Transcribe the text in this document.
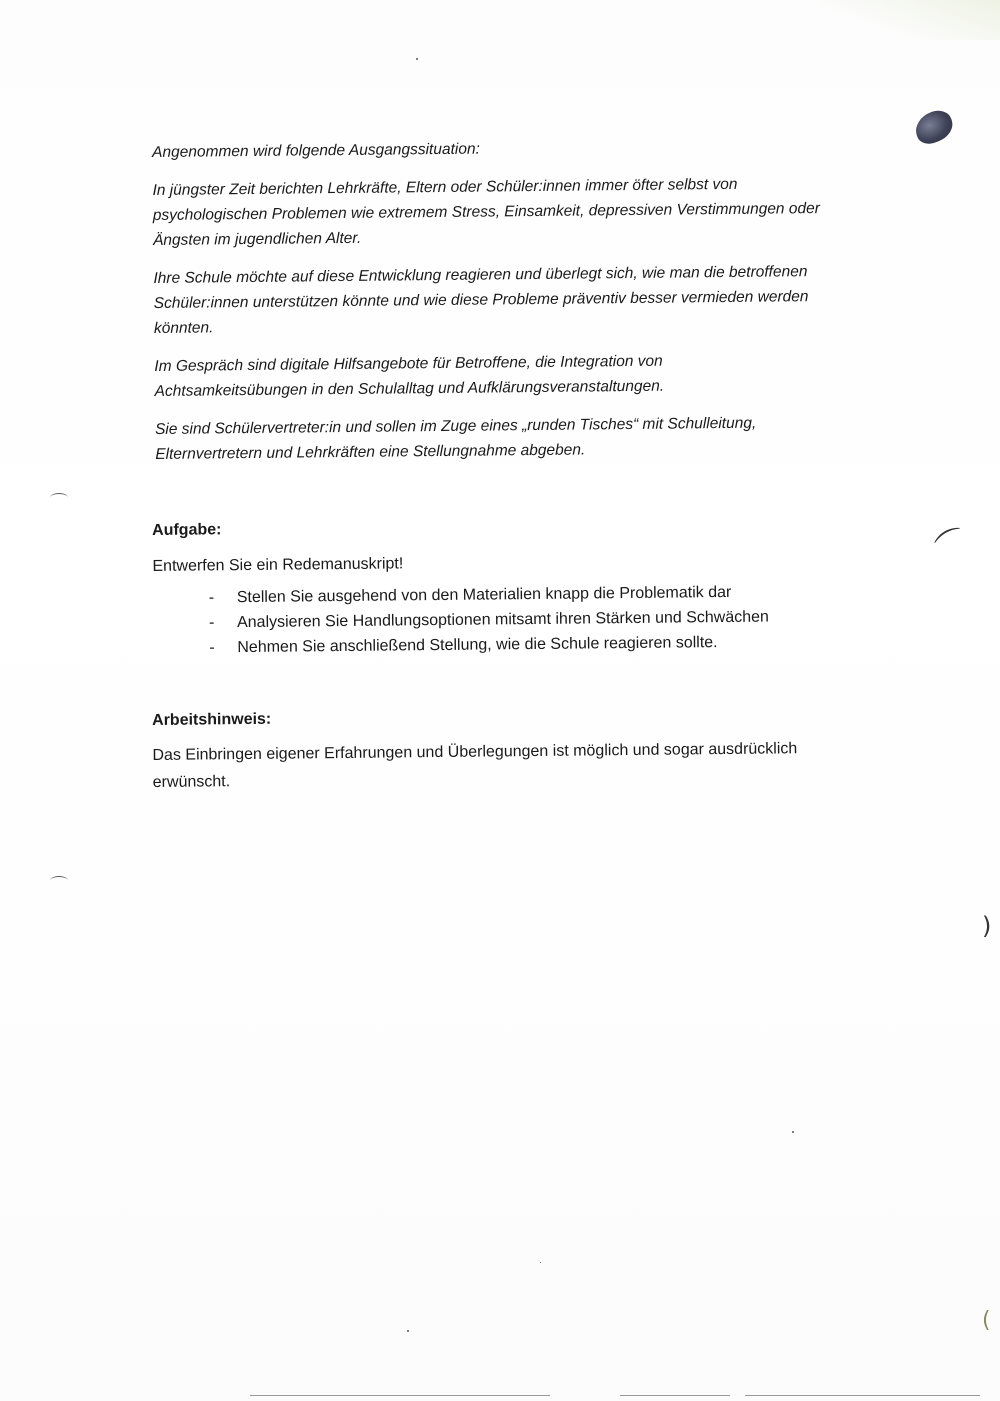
⌒
)
(

Angenommen wird folgende Ausgangssituation:

In jüngster Zeit berichten Lehrkräfte, Eltern oder Schüler:innen immer öfter selbst von psychologischen Problemen wie extremem Stress, Einsamkeit, depressiven Verstimmungen oder Ängsten im jugendlichen Alter.

Ihre Schule möchte auf diese Entwicklung reagieren und überlegt sich, wie man die betroffenen Schüler:innen unterstützen könnte und wie diese Probleme präventiv besser vermieden werden könnten.

Im Gespräch sind digitale Hilfsangebote für Betroffene, die Integration von Achtsamkeitsübungen in den Schulalltag und Aufklärungsveranstaltungen.

Sie sind Schülervertreter:in und sollen im Zuge eines „runden Tisches“ mit Schulleitung, Elternvertretern und Lehrkräften eine Stellungnahme abgeben.

Aufgabe:

Entwerfen Sie ein Redemanuskript!

- Stellen Sie ausgehend von den Materialien knapp die Problematik dar
- Analysieren Sie Handlungsoptionen mitsamt ihren Stärken und Schwächen
- Nehmen Sie anschließend Stellung, wie die Schule reagieren sollte.

Arbeitshinweis:

Das Einbringen eigener Erfahrungen und Überlegungen ist möglich und sogar ausdrücklich erwünscht.
